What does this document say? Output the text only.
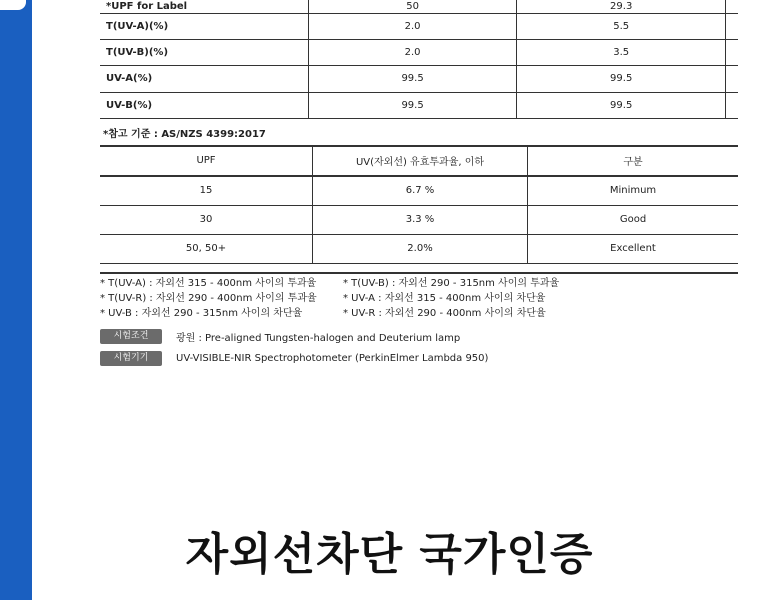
*UPF for Label	50	29.3	
T(UV-A)(%)	2.0	5.5	
T(UV-B)(%)	2.0	3.5	
UV-A(%)	99.5	99.5	
UV-B(%)	99.5	99.5	
*참고 기준 : AS/NZS 4399:2017
UPF	UV(자외선) 유효투과율, 이하	구분
15	6.7 %	Minimum
30	3.3 %	Good
50, 50+	2.0%	Excellent
* T(UV-A) : 자외선 315 - 400nm 사이의 투과율	* T(UV-B) : 자외선 290 - 315nm 사이의 투과율
* T(UV-R) : 자외선 290 - 400nm 사이의 투과율	* UV-A : 자외선 315 - 400nm 사이의 차단율
* UV-B : 자외선 290 - 315nm 사이의 차단율	* UV-R : 자외선 290 - 400nm 사이의 차단율
시험조건	광원 : Pre-aligned Tungsten-halogen and Deuterium lamp
시험기기	UV-VISIBLE-NIR Spectrophotometer (PerkinElmer Lambda 950)
자외선차단 국가인증
